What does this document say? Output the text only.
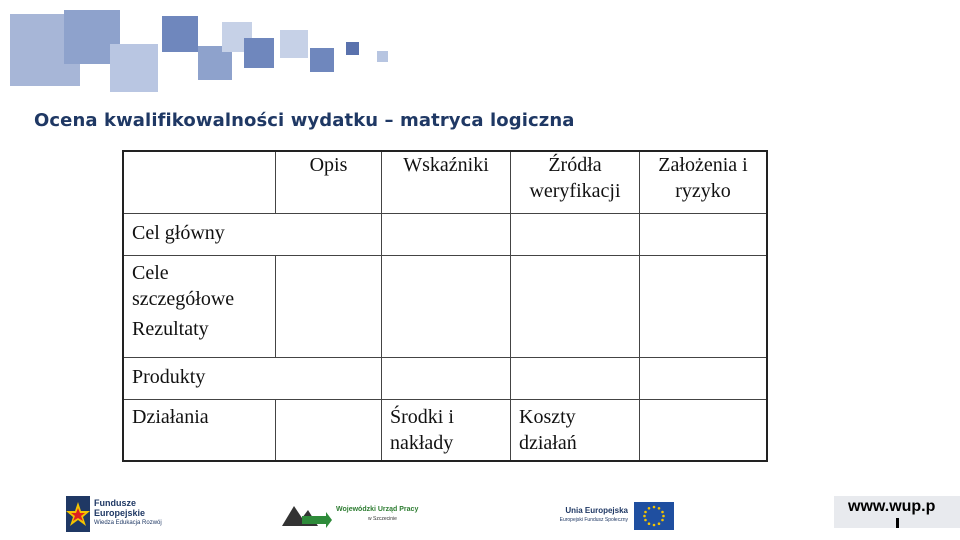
Ocena kwalifikowalności wydatku – matryca logiczna
	Opis	Wskaźniki	Źródła weryfikacji	Założenia i ryzyko

Cel główny				

Cele szczegółowe
Rezultaty				

Produkty				

Działania		Środki i nakłady	Koszty działań	

Fundusze
Europejskie
Wiedza Edukacja Rozwój
Wojewódzki Urząd Pracy
w Szczecinie
Unia Europejska
Europejski Fundusz Społeczny
www.wup.p
